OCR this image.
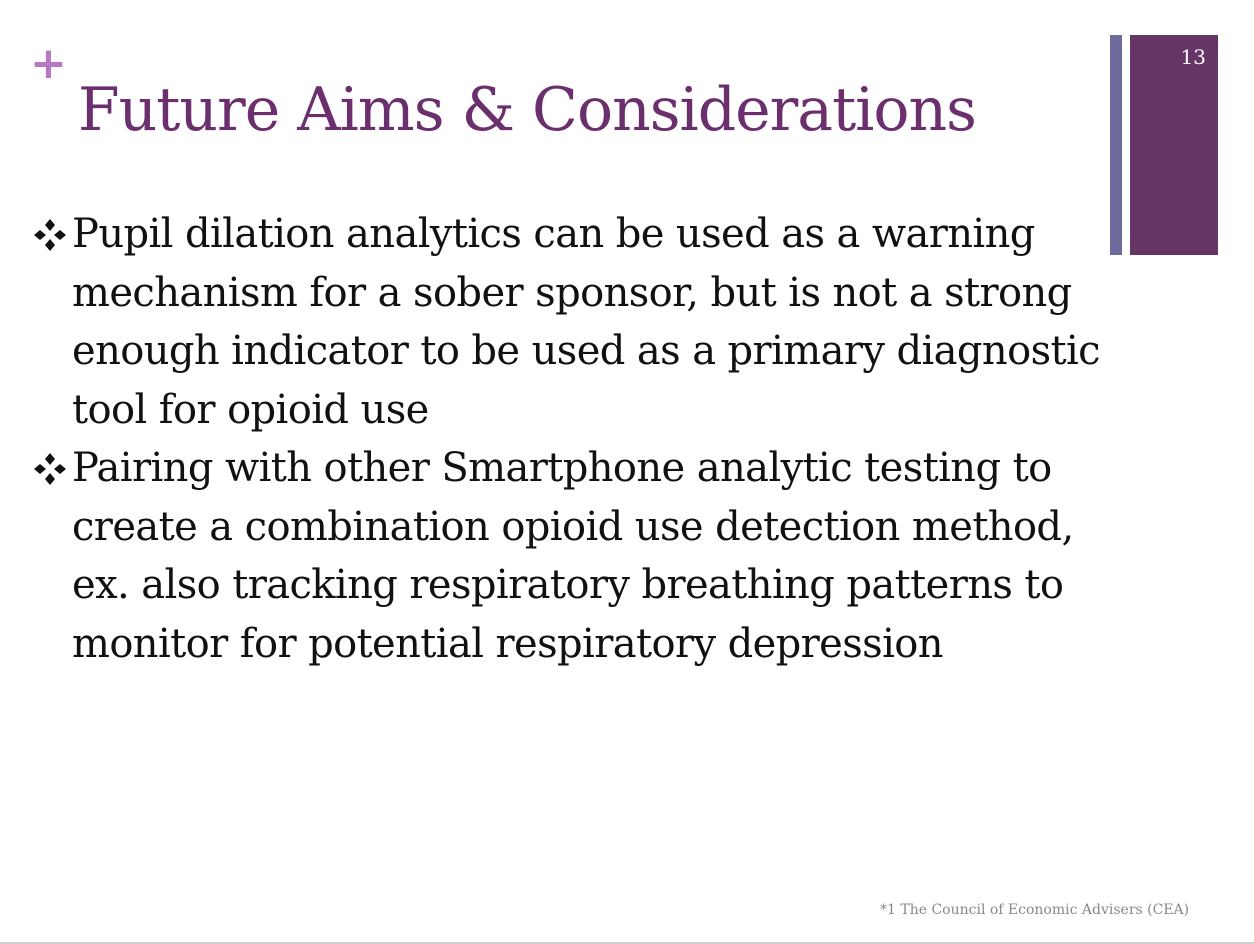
+
Future Aims & Considerations
13
Pupil dilation analytics can be used as a warning mechanism for a sober sponsor, but is not a strong enough indicator to be used as a primary diagnostic tool for opioid use
Pairing with other Smartphone analytic testing to create a combination opioid use detection method, ex. also tracking respiratory breathing patterns to monitor for potential respiratory depression
*1 The Council of Economic Advisers (CEA)
